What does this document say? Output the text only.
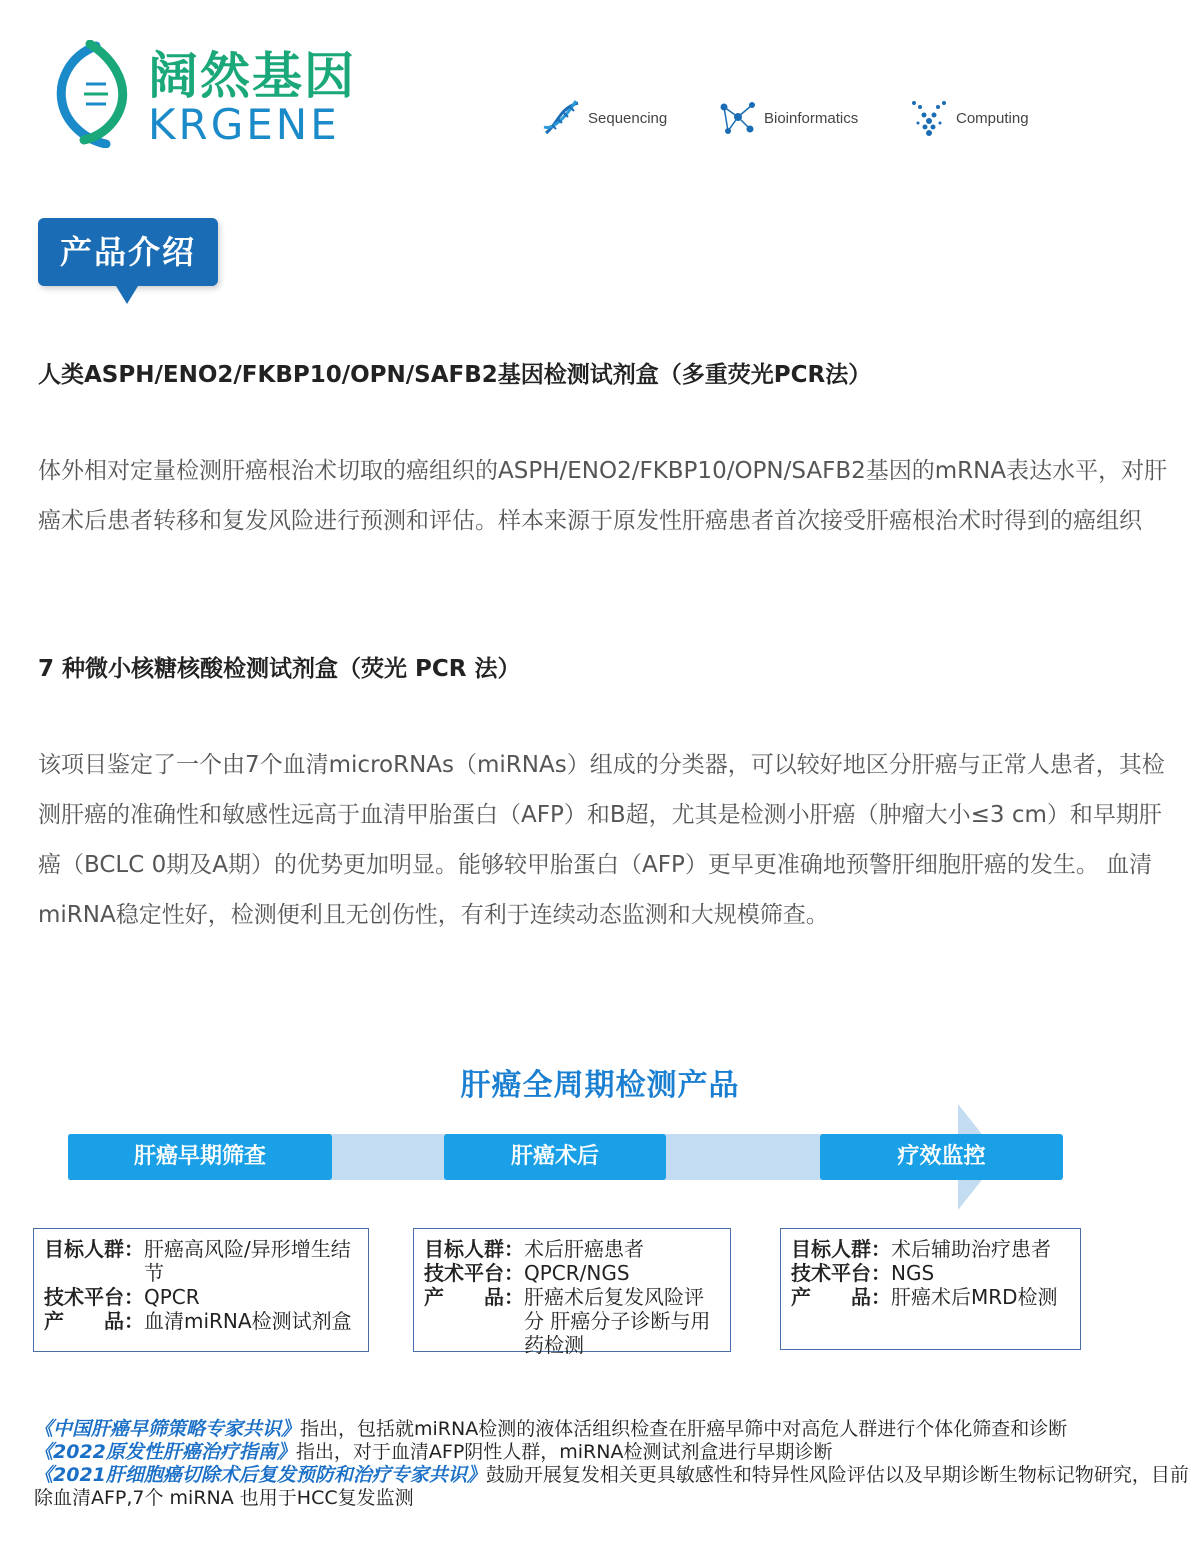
阔然基因
KRGENE	Sequencing	Bioinformatics	Computing
产品介绍
人类ASPH/ENO2/FKBP10/OPN/SAFB2基因检测试剂盒（多重荧光PCR法）
体外相对定量检测肝癌根治术切取的癌组织的ASPH/ENO2/FKBP10/OPN/SAFB2基因的mRNA表达水平，对肝癌术后患者转移和复发风险进行预测和评估。样本来源于原发性肝癌患者首次接受肝癌根治术时得到的癌组织
7 种微小核糖核酸检测试剂盒（荧光 PCR 法）
该项目鉴定了一个由7个血清microRNAs（miRNAs）组成的分类器，可以较好地区分肝癌与正常人患者，其检测肝癌的准确性和敏感性远高于血清甲胎蛋白（AFP）和B超，尤其是检测小肝癌（肿瘤大小≤3 cm）和早期肝癌（BCLC 0期及A期）的优势更加明显。能够较甲胎蛋白（AFP）更早更准确地预警肝细胞肝癌的发生。 血清miRNA稳定性好，检测便利且无创伤性，有利于连续动态监测和大规模筛查。
肝癌全周期检测产品
肝癌早期筛查	肝癌术后	疗效监控
目标人群： 肝癌高风险/异形增生结节
技术平台： QPCR
产　　品： 血清miRNA检测试剂盒
目标人群： 术后肝癌患者
技术平台： QPCR/NGS
产　　品： 肝癌术后复发风险评分 肝癌分子诊断与用药检测
目标人群： 术后辅助治疗患者
技术平台： NGS
产　　品： 肝癌术后MRD检测
《中国肝癌早筛策略专家共识》指出，包括就miRNA检测的液体活组织检查在肝癌早筛中对高危人群进行个体化筛查和诊断
《2022原发性肝癌治疗指南》指出，对于血清AFP阴性人群，miRNA检测试剂盒进行早期诊断
《2021肝细胞癌切除术后复发预防和治疗专家共识》鼓励开展复发相关更具敏感性和特异性风险评估以及早期诊断生物标记物研究，目前除血清AFP,7个 miRNA 也用于HCC复发监测
